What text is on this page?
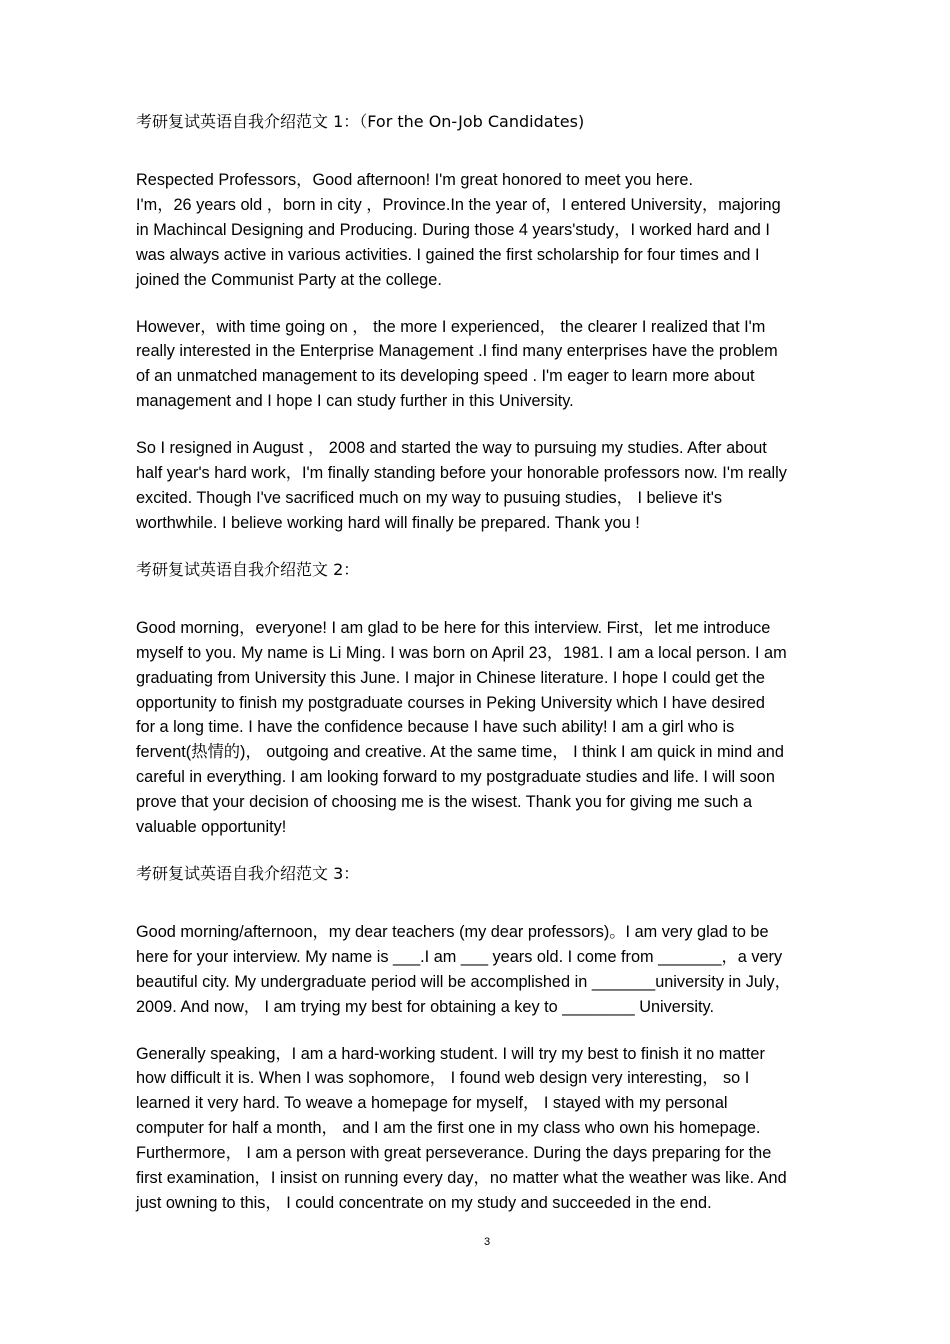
考研复试英语自我介绍范文 1：（For the On-Job Candidates)

Respected Professors，Good afternoon! I'm great honored to meet you here.
I'm，26 years old ，born in city ，Province.In the year of，I entered University，majoring
in Machincal Designing and Producing. During those 4 years'study，I worked hard and I
was always active in various activities. I gained the first scholarship for four times and I
joined the Communist Party at the college.

However，with time going on ， the more I experienced， the clearer I realized that I'm
really interested in the Enterprise Management .I find many enterprises have the problem
of an unmatched management to its developing speed . I'm eager to learn more about
management and I hope I can study further in this University.

So I resigned in August ， 2008 and started the way to pursuing my studies. After about
half year's hard work，I'm finally standing before your honorable professors now. I'm really
excited. Though I've sacrificed much on my way to pusuing studies， I believe it's
worthwhile. I believe working hard will finally be prepared. Thank you !

考研复试英语自我介绍范文 2：

Good morning，everyone! I am glad to be here for this interview. First，let me introduce
myself to you. My name is Li Ming. I was born on April 23，1981. I am a local person. I am
graduating from University this June. I major in Chinese literature. I hope I could get the
opportunity to finish my postgraduate courses in Peking University which I have desired
for a long time. I have the confidence because I have such ability! I am a girl who is
fervent(热情的)， outgoing and creative. At the same time， I think I am quick in mind and
careful in everything. I am looking forward to my postgraduate studies and life. I will soon
prove that your decision of choosing me is the wisest. Thank you for giving me such a
valuable opportunity!

考研复试英语自我介绍范文 3：

Good morning/afternoon，my dear teachers (my dear professors)。I am very glad to be
here for your interview. My name is ___.I am ___ years old. I come from _______，a very
beautiful city. My undergraduate period will be accomplished in _______university in July，
2009. And now， I am trying my best for obtaining a key to ________ University.

Generally speaking，I am a hard-working student. I will try my best to finish it no matter
how difficult it is. When I was sophomore， I found web design very interesting， so I
learned it very hard. To weave a homepage for myself， I stayed with my personal
computer for half a month， and I am the first one in my class who own his homepage.
Furthermore， I am a person with great perseverance. During the days preparing for the
first examination，I insist on running every day，no matter what the weather was like. And
just owning to this， I could concentrate on my study and succeeded in the end.

3
